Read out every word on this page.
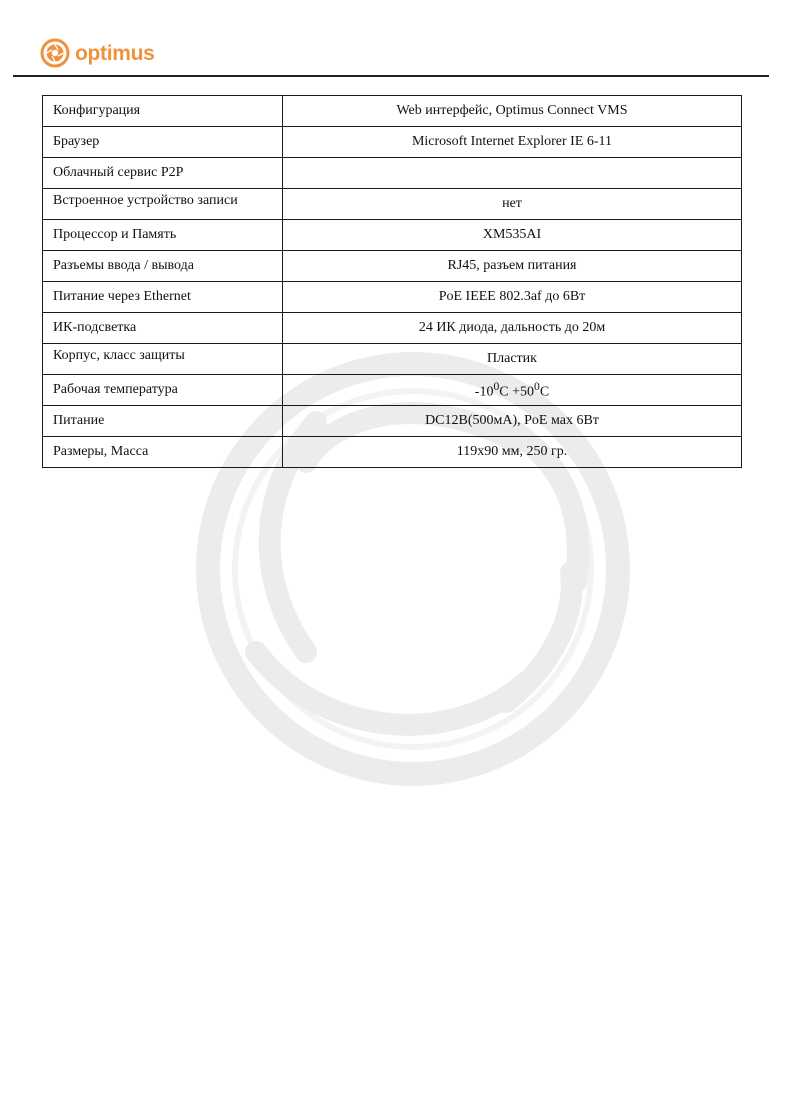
optimus
Конфигурация	Web интерфейс, Optimus Connect VMS
Браузер	Microsoft Internet Explorer IE 6-11
Облачный сервис P2P	
Встроенное устройство записи	нет
Процессор и Память	XM535AI
Разъемы ввода / вывода	RJ45, разъем питания
Питание через Ethernet	PoE IEEE 802.3af до 6Вт
ИК-подсветка	24 ИК диода, дальность до 20м
Корпус, класс защиты	Пластик
Рабочая температура	$-10^0C +50^0C$
Питание	DC12В(500мА), PoE мах 6Вт
Размеры, Масса	119x90 мм, 250 гр.
